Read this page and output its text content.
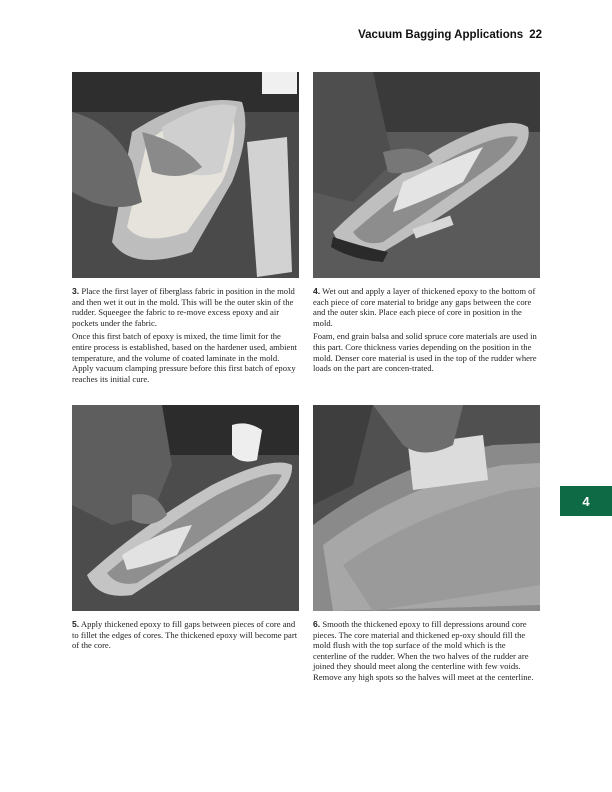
Vacuum Bagging Applications 22

3. Place the first layer of fiberglass fabric in position in the mold and then wet it out in the mold. This will be the outer skin of the rudder. Squeegee the fabric to re-move excess epoxy and air pockets under the fabric.

Once this first batch of epoxy is mixed, the time limit for the entire process is established, based on the hardener used, ambient temperature, and the volume of coated laminate in the mold. Apply vacuum clamping pressure before this first batch of epoxy reaches its initial cure.

4. Wet out and apply a layer of thickened epoxy to the bottom of each piece of core material to bridge any gaps between the core and the outer skin. Place each piece of core in position in the mold.

Foam, end grain balsa and solid spruce core materials are used in this part. Core thickness varies depending on the position in the mold. Denser core material is used in the top of the rudder where loads on the part are concen-trated.

5. Apply thickened epoxy to fill gaps between pieces of core and to fillet the edges of cores. The thickened epoxy will become part of the core.

6. Smooth the thickened epoxy to fill depressions around core pieces. The core material and thickened ep-oxy should fill the mold flush with the top surface of the mold which is the centerline of the rudder. When the two halves of the rudder are joined they should meet along the centerline with few voids. Remove any high spots so the halves will meet at the centerline.

4
